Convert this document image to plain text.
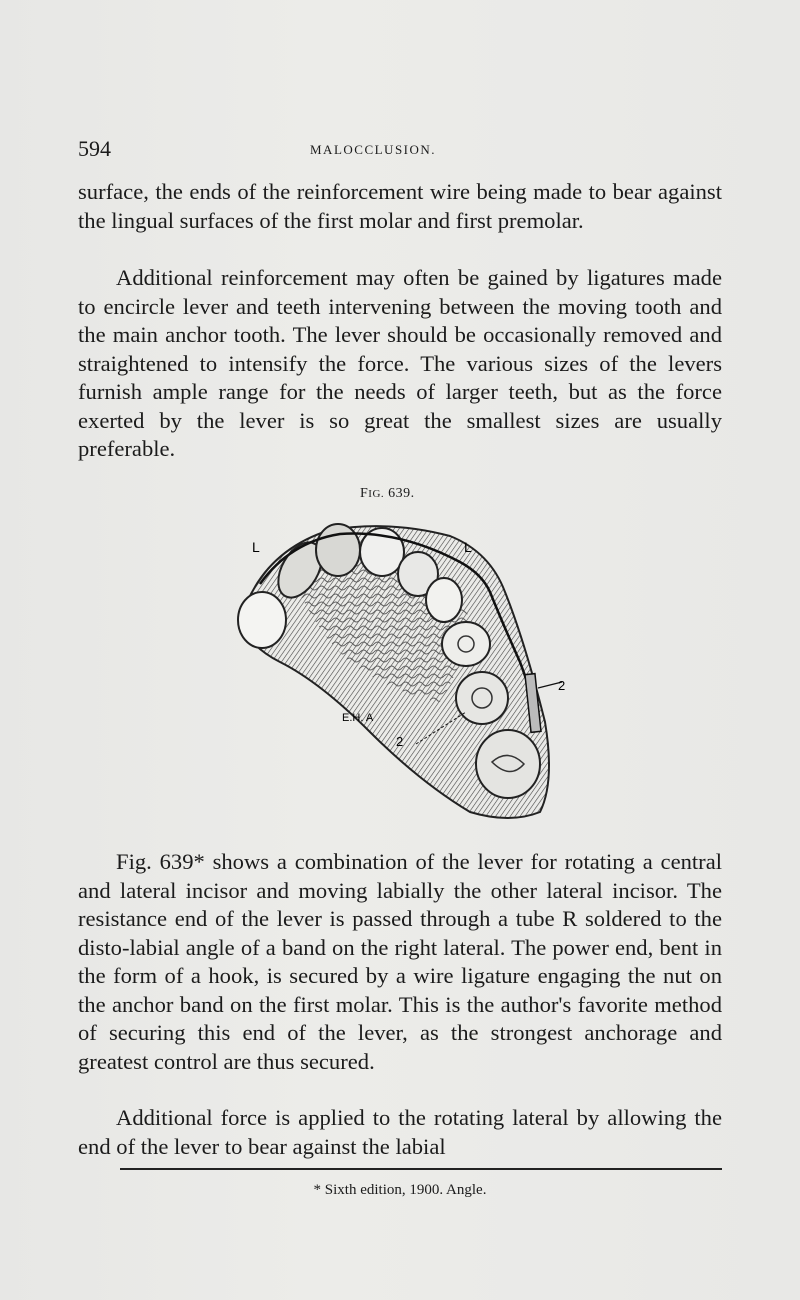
594	MALOCCLUSION.

surface, the ends of the reinforcement wire being made to bear against the lingual surfaces of the first molar and first premolar.

Additional reinforcement may often be gained by ligatures made to encircle lever and teeth intervening between the moving tooth and the main anchor tooth. The lever should be occasionally removed and straightened to intensify the force. The various sizes of the levers furnish ample range for the needs of larger teeth, but as the force exerted by the lever is so great the smallest sizes are usually preferable.

FIG. 639.
L	L
2
2
E.H. A

Fig. 639* shows a combination of the lever for rotating a central and lateral incisor and moving labially the other lateral incisor. The resistance end of the lever is passed through a tube R soldered to the disto-labial angle of a band on the right lateral. The power end, bent in the form of a hook, is secured by a wire ligature engaging the nut on the anchor band on the first molar. This is the author's favorite method of securing this end of the lever, as the strongest anchorage and greatest control are thus secured.

Additional force is applied to the rotating lateral by allowing the end of the lever to bear against the labial

* Sixth edition, 1900. Angle.
